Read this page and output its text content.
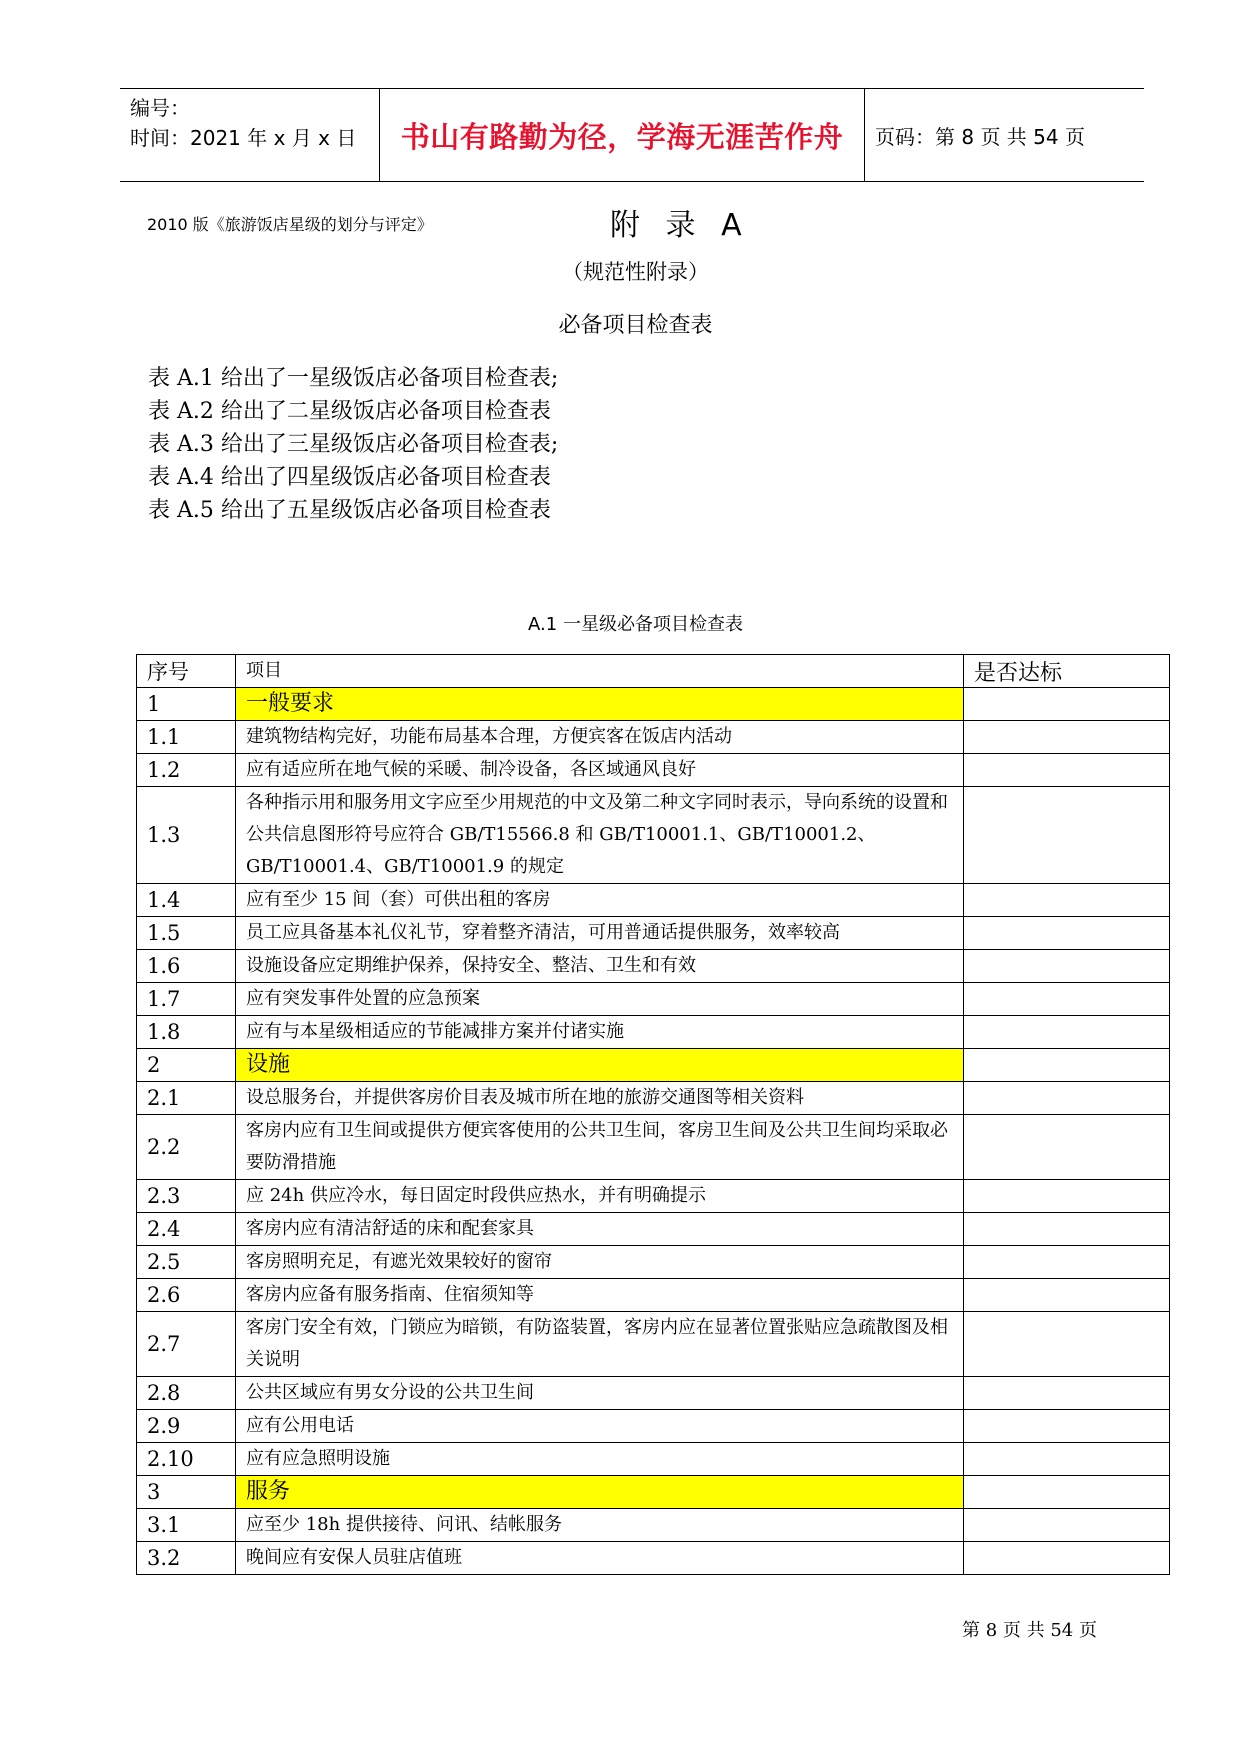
编号：
时间：2021 年 x 月 x 日	书山有路勤为径，学海无涯苦作舟	页码：第 8 页 共 54 页
2010 版《旅游饭店星级的划分与评定》	附 录 A
（规范性附录）
必备项目检查表
表 A.1 给出了一星级饭店必备项目检查表;
表 A.2 给出了二星级饭店必备项目检查表
表 A.3 给出了三星级饭店必备项目检查表;
表 A.4 给出了四星级饭店必备项目检查表
表 A.5 给出了五星级饭店必备项目检查表
A.1 一星级必备项目检查表
序号	项目	是否达标
1	一般要求	
1.1	建筑物结构完好，功能布局基本合理，方便宾客在饭店内活动	
1.2	应有适应所在地气候的采暖、制冷设备，各区域通风良好	
1.3	各种指示用和服务用文字应至少用规范的中文及第二种文字同时表示，导向系统的设置和公共信息图形符号应符合 GB/T15566.8 和 GB/T10001.1、GB/T10001.2、GB/T10001.4、GB/T10001.9 的规定	
1.4	应有至少 15 间（套）可供出租的客房	
1.5	员工应具备基本礼仪礼节，穿着整齐清洁，可用普通话提供服务，效率较高	
1.6	设施设备应定期维护保养，保持安全、整洁、卫生和有效	
1.7	应有突发事件处置的应急预案	
1.8	应有与本星级相适应的节能减排方案并付诸实施	
2	设施	
2.1	设总服务台，并提供客房价目表及城市所在地的旅游交通图等相关资料	
2.2	客房内应有卫生间或提供方便宾客使用的公共卫生间，客房卫生间及公共卫生间均采取必要防滑措施	
2.3	应 24h 供应冷水，每日固定时段供应热水，并有明确提示	
2.4	客房内应有清洁舒适的床和配套家具	
2.5	客房照明充足，有遮光效果较好的窗帘	
2.6	客房内应备有服务指南、住宿须知等	
2.7	客房门安全有效，门锁应为暗锁，有防盗装置，客房内应在显著位置张贴应急疏散图及相关说明	
2.8	公共区域应有男女分设的公共卫生间	
2.9	应有公用电话	
2.10	应有应急照明设施	
3	服务	
3.1	应至少 18h 提供接待、问讯、结帐服务	
3.2	晚间应有安保人员驻店值班	
第 8 页 共 54 页
